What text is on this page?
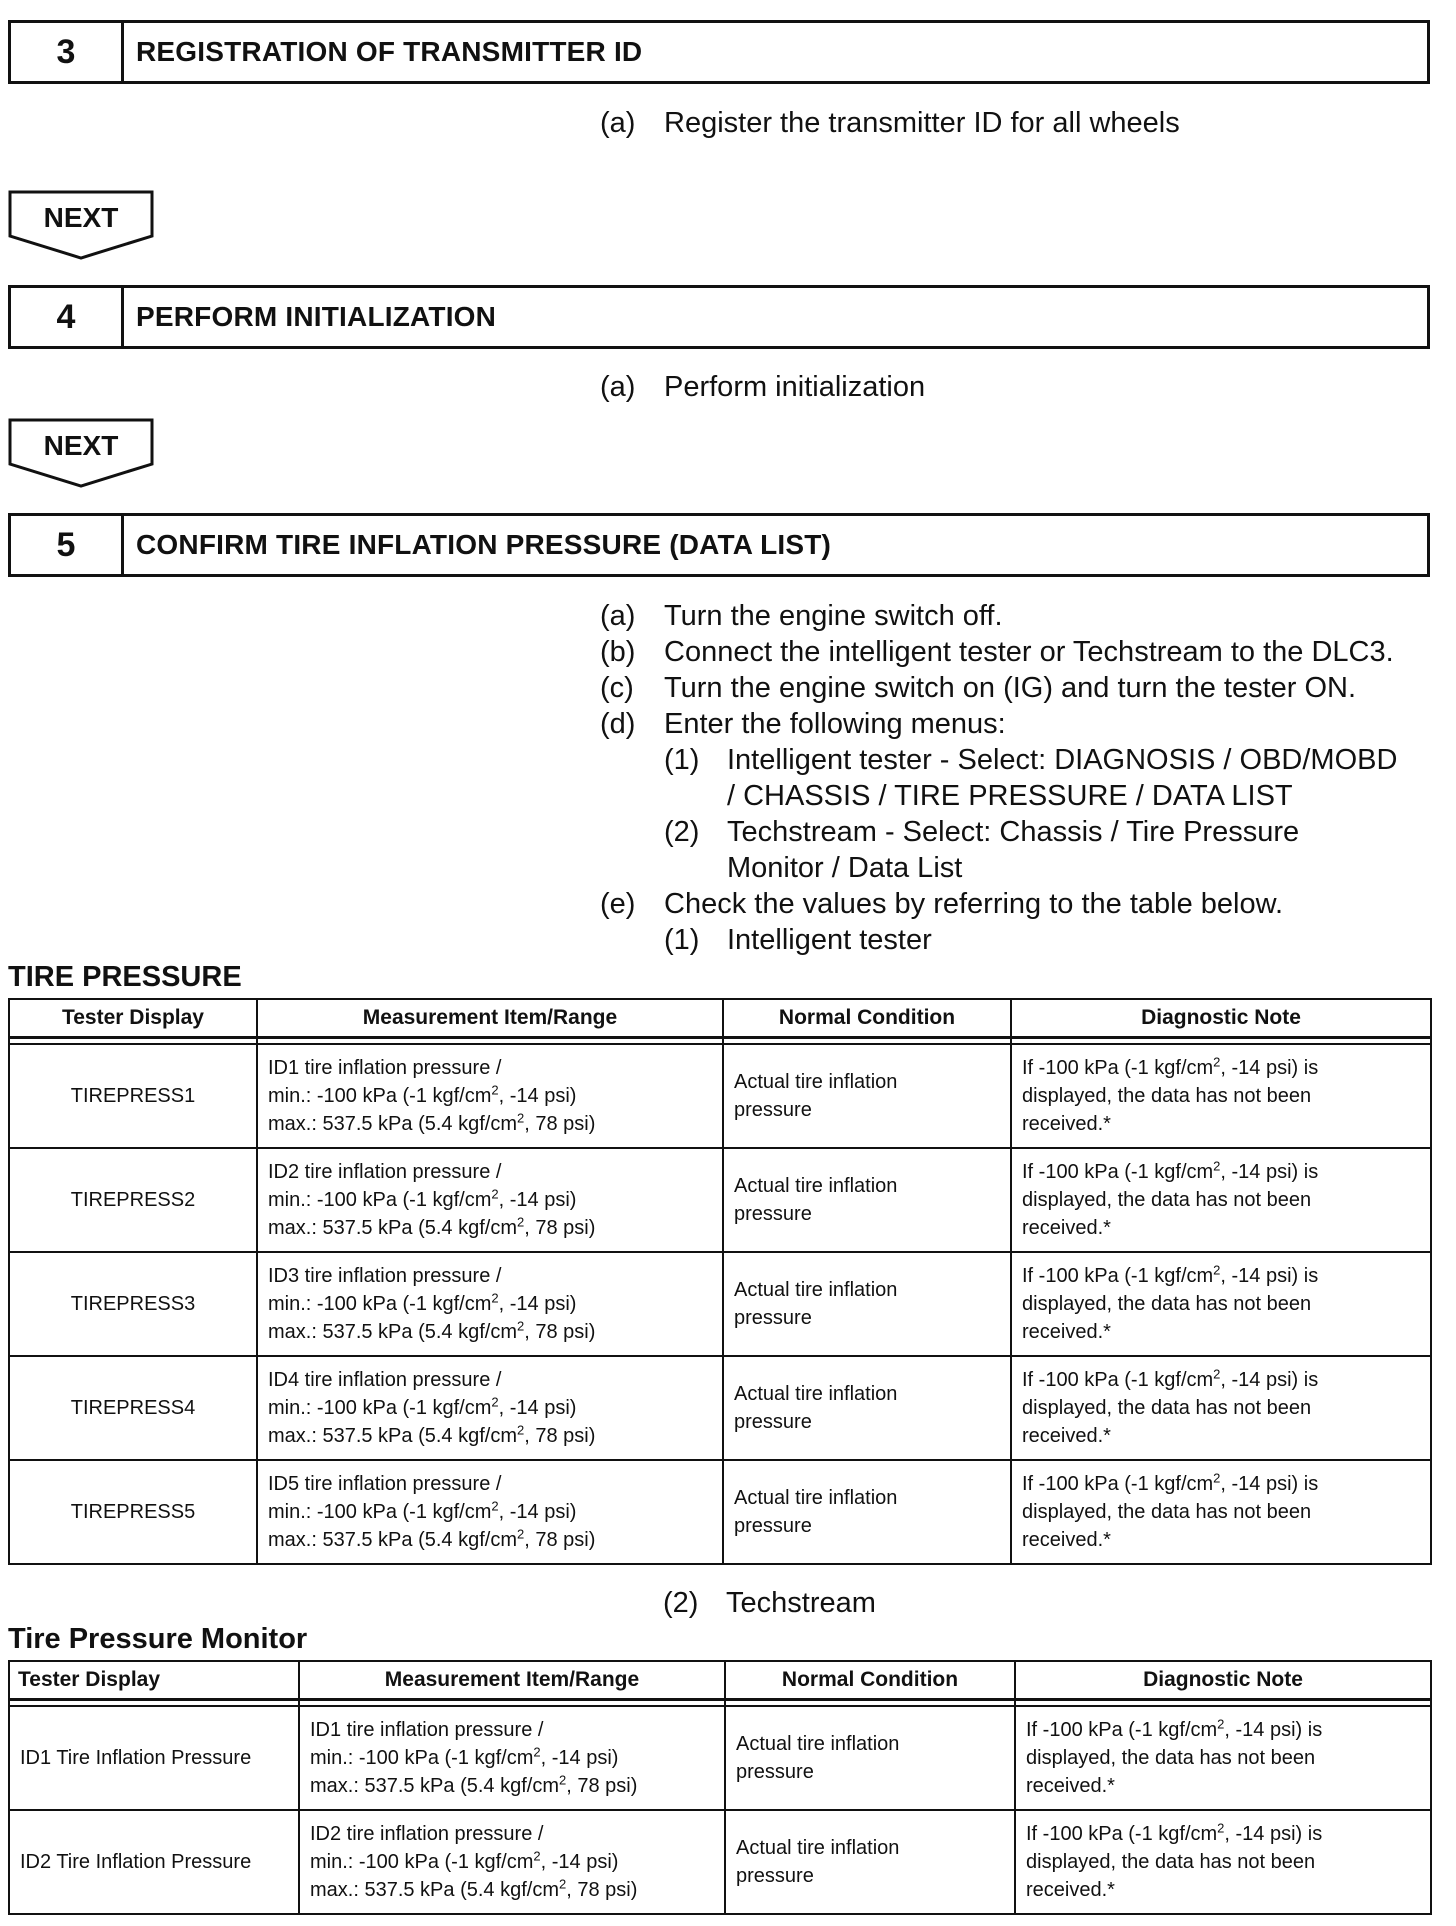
3	REGISTRATION OF TRANSMITTER ID
(a) Register the transmitter ID for all wheels
NEXT
4	PERFORM INITIALIZATION
(a) Perform initialization
NEXT
5	CONFIRM TIRE INFLATION PRESSURE (DATA LIST)
(a) Turn the engine switch off.
(b) Connect the intelligent tester or Techstream to the DLC3.
(c) Turn the engine switch on (IG) and turn the tester ON.
(d) Enter the following menus:
(1) Intelligent tester - Select: DIAGNOSIS / OBD/MOBD
/ CHASSIS / TIRE PRESSURE / DATA LIST
(2) Techstream - Select: Chassis / Tire Pressure
Monitor / Data List
(e) Check the values by referring to the table below.
(1) Intelligent tester
TIRE PRESSURE
Tester Display	Measurement Item/Range	Normal Condition	Diagnostic Note

TIREPRESS1	ID1 tire inflation pressure /
min.: -100 kPa (-1 kgf/$cm^2$, -14 psi)
max.: 537.5 kPa (5.4 kgf/$cm^2$, 78 psi)	Actual tire inflation pressure	If -100 kPa (-1 kgf/$cm^2$, -14 psi) is displayed, the data has not been received.*

TIREPRESS2	ID2 tire inflation pressure /
min.: -100 kPa (-1 kgf/$cm^2$, -14 psi)
max.: 537.5 kPa (5.4 kgf/$cm^2$, 78 psi)	Actual tire inflation pressure	If -100 kPa (-1 kgf/$cm^2$, -14 psi) is displayed, the data has not been received.*

TIREPRESS3	ID3 tire inflation pressure /
min.: -100 kPa (-1 kgf/$cm^2$, -14 psi)
max.: 537.5 kPa (5.4 kgf/$cm^2$, 78 psi)	Actual tire inflation pressure	If -100 kPa (-1 kgf/$cm^2$, -14 psi) is displayed, the data has not been received.*

TIREPRESS4	ID4 tire inflation pressure /
min.: -100 kPa (-1 kgf/$cm^2$, -14 psi)
max.: 537.5 kPa (5.4 kgf/$cm^2$, 78 psi)	Actual tire inflation pressure	If -100 kPa (-1 kgf/$cm^2$, -14 psi) is displayed, the data has not been received.*

TIREPRESS5	ID5 tire inflation pressure /
min.: -100 kPa (-1 kgf/$cm^2$, -14 psi)
max.: 537.5 kPa (5.4 kgf/$cm^2$, 78 psi)	Actual tire inflation pressure	If -100 kPa (-1 kgf/$cm^2$, -14 psi) is displayed, the data has not been received.*
(2) Techstream
Tire Pressure Monitor
Tester Display	Measurement Item/Range	Normal Condition	Diagnostic Note

ID1 Tire Inflation Pressure	ID1 tire inflation pressure /
min.: -100 kPa (-1 kgf/$cm^2$, -14 psi)
max.: 537.5 kPa (5.4 kgf/$cm^2$, 78 psi)	Actual tire inflation pressure	If -100 kPa (-1 kgf/$cm^2$, -14 psi) is displayed, the data has not been received.*

ID2 Tire Inflation Pressure	ID2 tire inflation pressure /
min.: -100 kPa (-1 kgf/$cm^2$, -14 psi)
max.: 537.5 kPa (5.4 kgf/$cm^2$, 78 psi)	Actual tire inflation pressure	If -100 kPa (-1 kgf/$cm^2$, -14 psi) is displayed, the data has not been received.*
